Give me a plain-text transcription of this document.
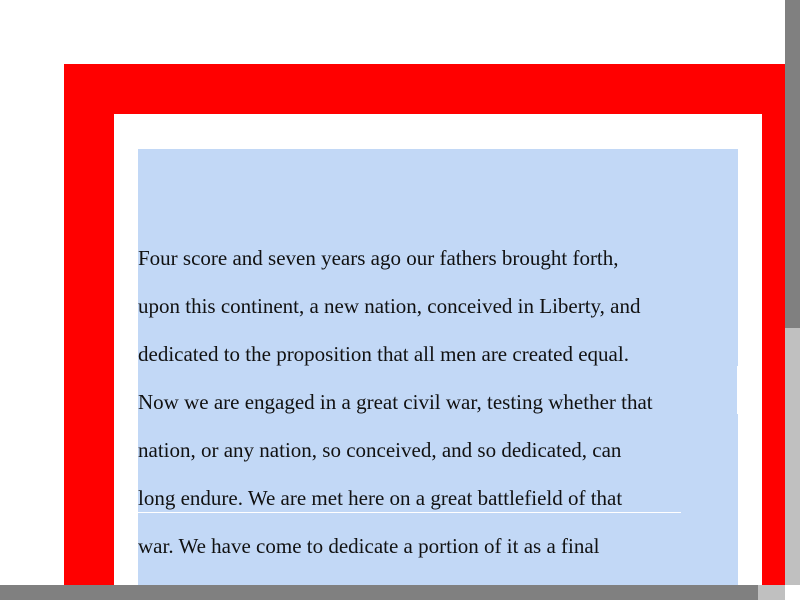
Four score and seven years ago our fathers brought forth,
upon this continent, a new nation, conceived in Liberty, and
dedicated to the proposition that all men are created equal.
Now we are engaged in a great civil war, testing whether that
nation, or any nation, so conceived, and so dedicated, can
long endure. We are met here on a great battlefield of that
war. We have come to dedicate a portion of it as a final
